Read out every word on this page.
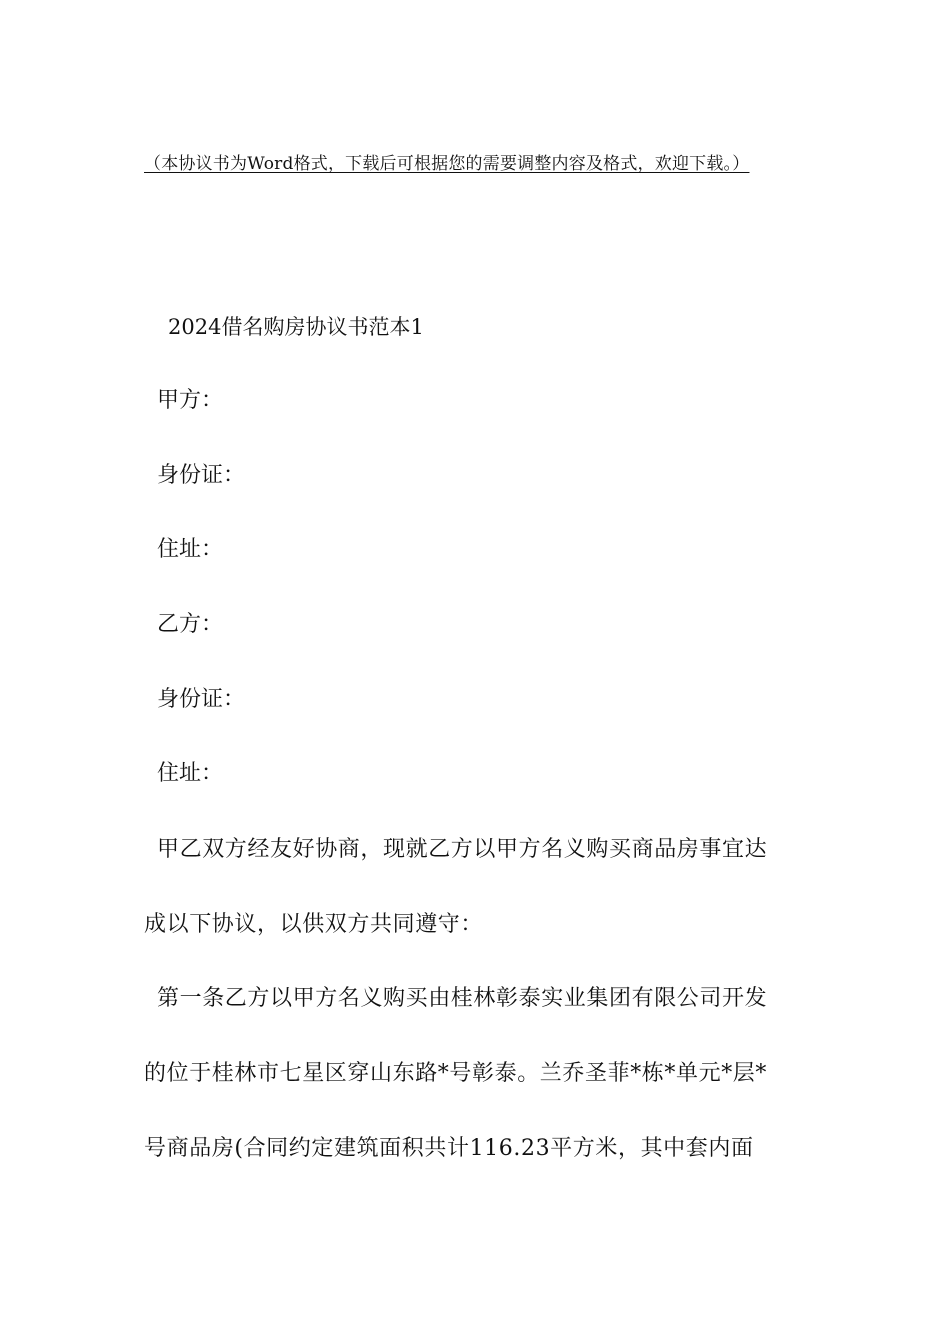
（本协议书为Word格式，下载后可根据您的需要调整内容及格式，欢迎下载。）
2024借名购房协议书范本1
甲方：
身份证：
住址：
乙方：
身份证：
住址：
甲乙双方经友好协商，现就乙方以甲方名义购买商品房事宜达
成以下协议，以供双方共同遵守：
第一条乙方以甲方名义购买由桂林彰泰实业集团有限公司开发
的位于桂林市七星区穿山东路*号彰泰。兰乔圣菲*栋*单元*层*
号商品房(合同约定建筑面积共计116.23平方米，其中套内面
